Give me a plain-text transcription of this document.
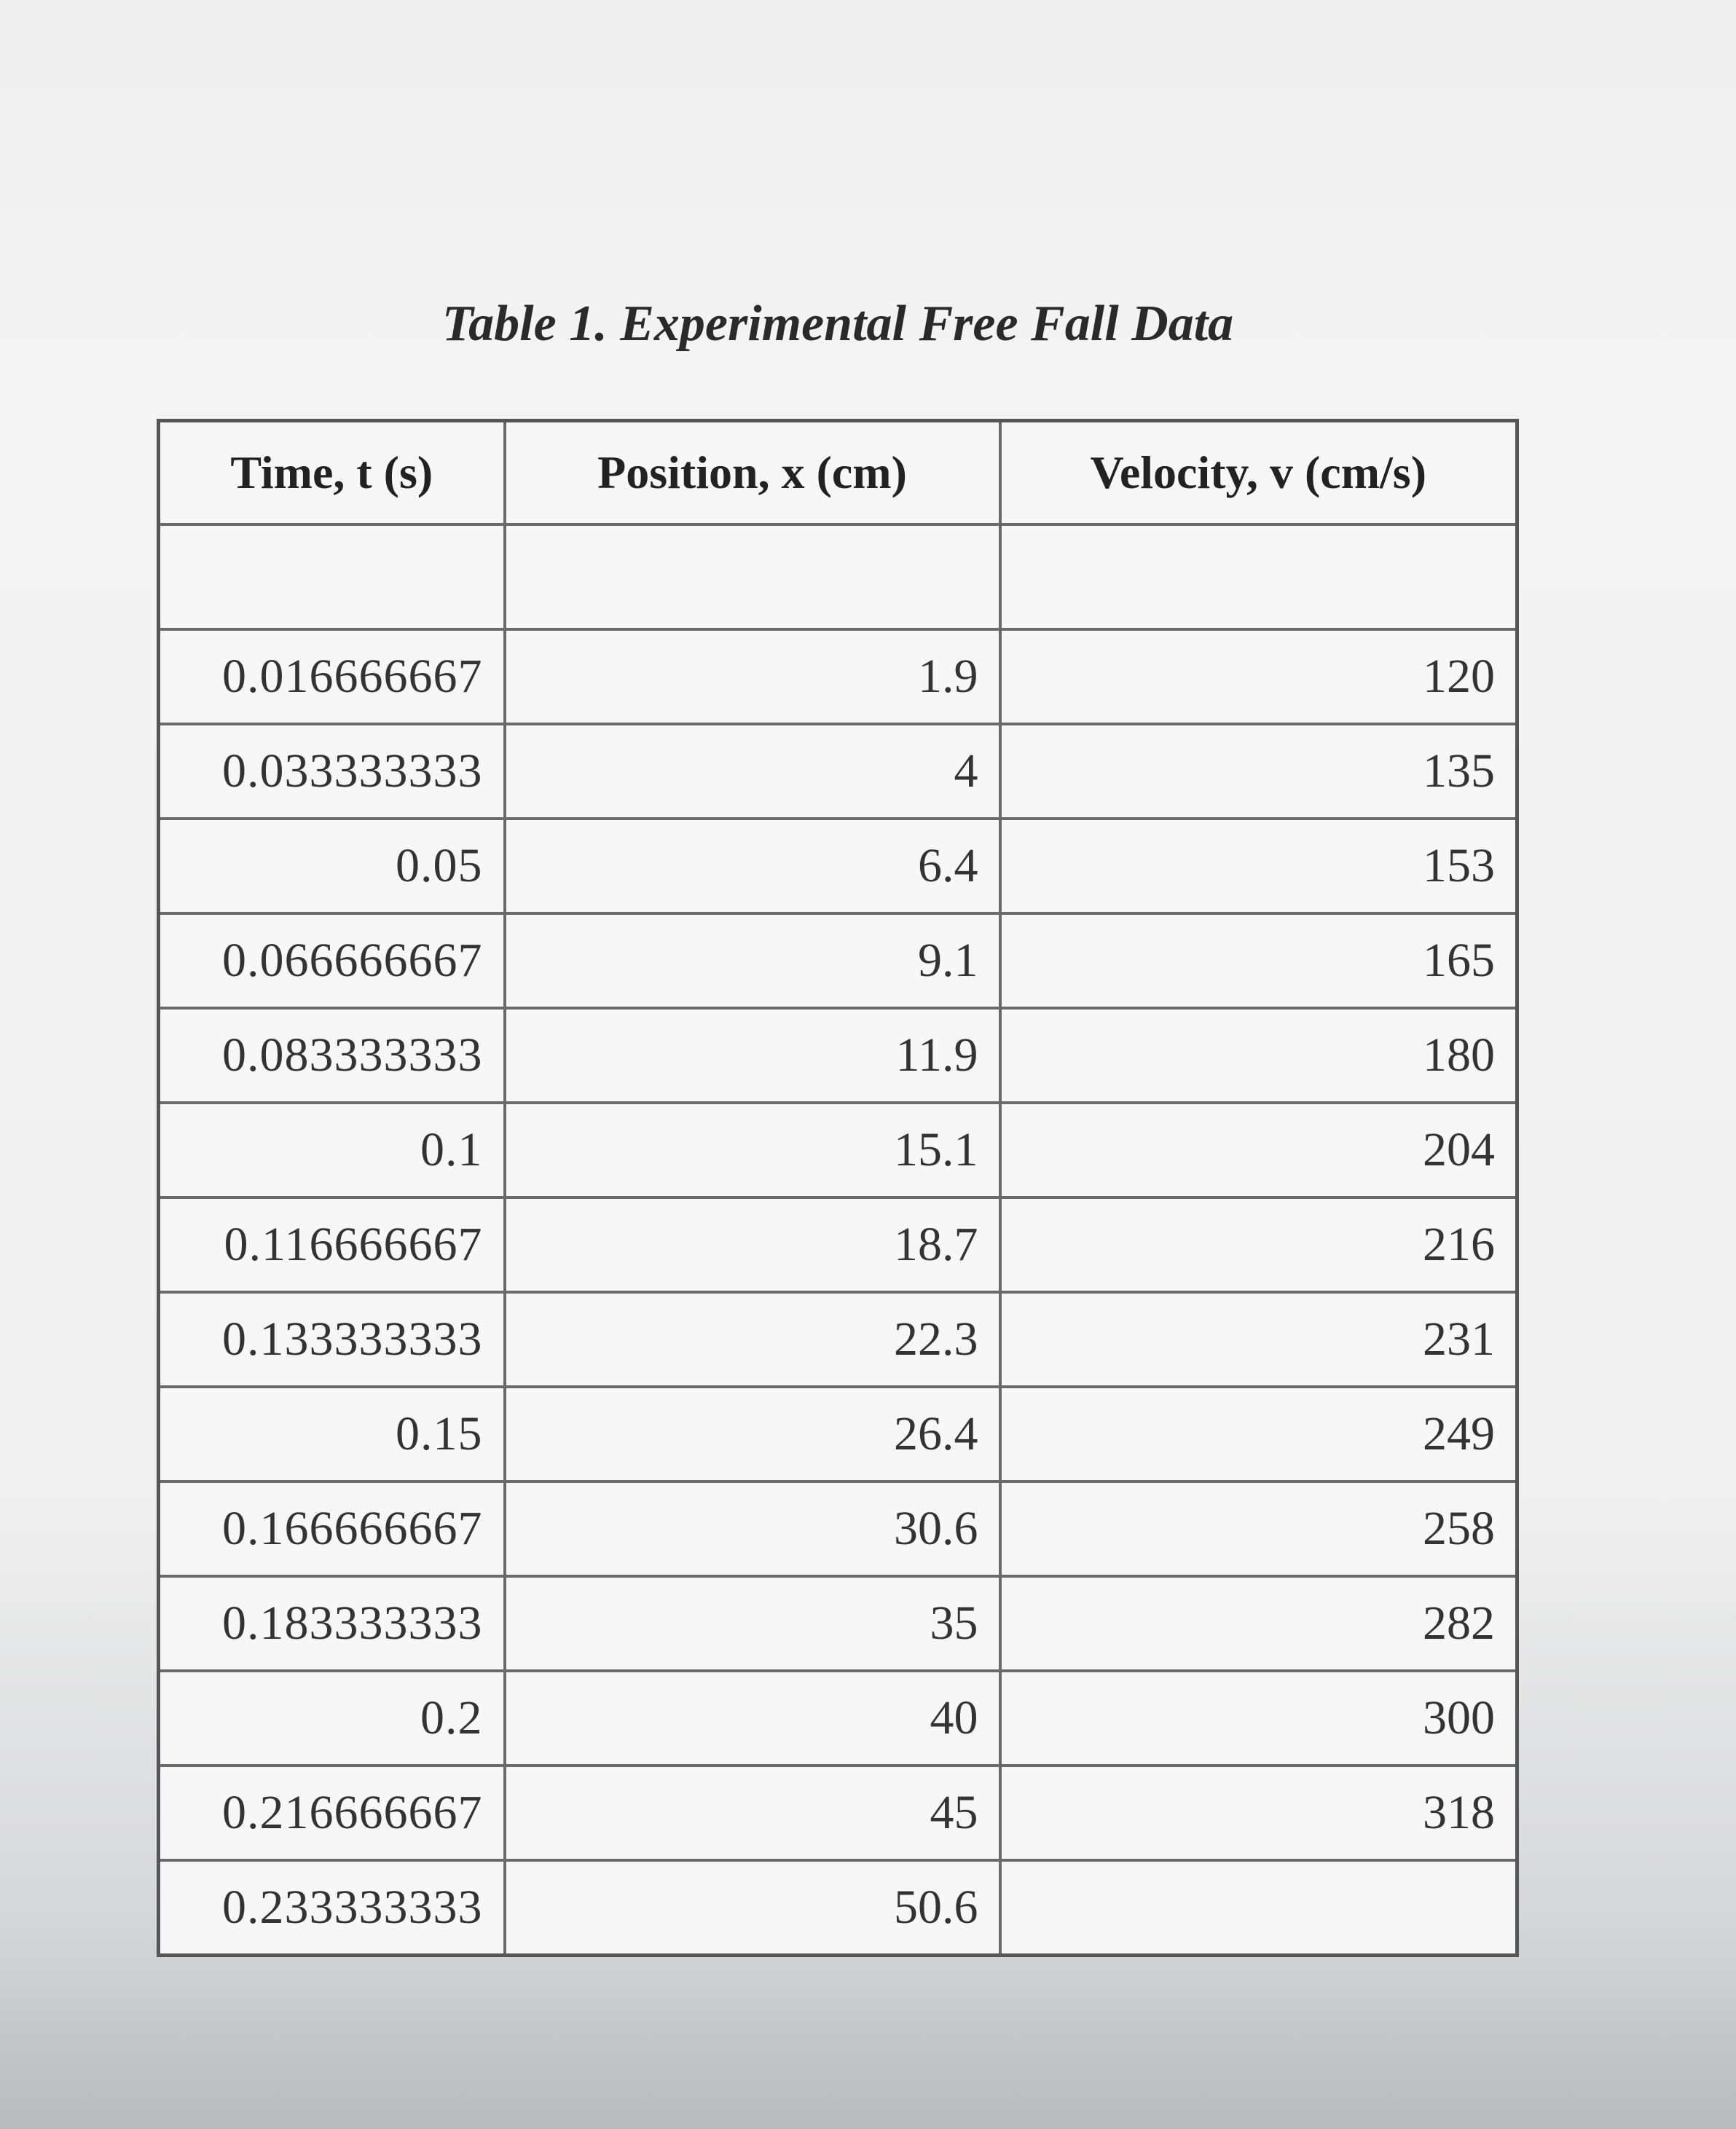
Table 1. Experimental Free Fall Data
Time, t (s)	Position, x (cm)	Velocity, v (cm/s)

0.016666667	1.9	120
0.033333333	4	135
0.05	6.4	153
0.066666667	9.1	165
0.083333333	11.9	180
0.1	15.1	204
0.116666667	18.7	216
0.133333333	22.3	231
0.15	26.4	249
0.166666667	30.6	258
0.183333333	35	282
0.2	40	300
0.216666667	45	318
0.233333333	50.6	
